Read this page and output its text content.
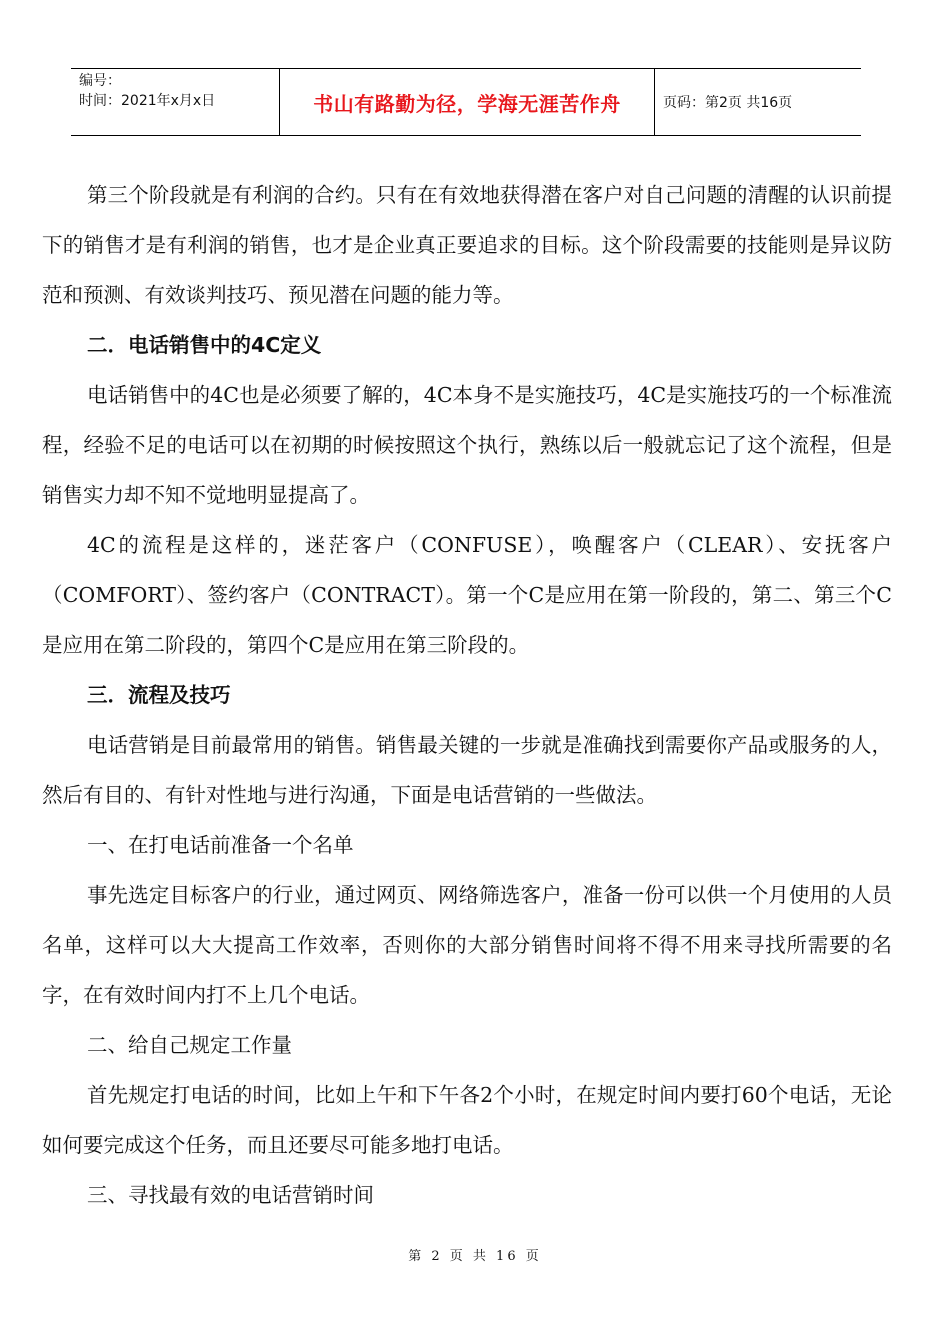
编号：
时间：2021年x月x日	书山有路勤为径，学海无涯苦作舟	页码：第2页 共16页

第三个阶段就是有利润的合约。只有在有效地获得潜在客户对自己问题的清醒的认识前提下的销售才是有利润的销售，也才是企业真正要追求的目标。这个阶段需要的技能则是异议防范和预测、有效谈判技巧、预见潜在问题的能力等。

二．电话销售中的4C定义

电话销售中的4C也是必须要了解的，4C本身不是实施技巧，4C是实施技巧的一个标准流程，经验不足的电话可以在初期的时候按照这个执行，熟练以后一般就忘记了这个流程，但是销售实力却不知不觉地明显提高了。

4C的流程是这样的，迷茫客户（CONFUSE），唤醒客户（CLEAR）、安抚客户（COMFORT）、签约客户（CONTRACT）。第一个C是应用在第一阶段的，第二、第三个C是应用在第二阶段的，第四个C是应用在第三阶段的。

三．流程及技巧

电话营销是目前最常用的销售。销售最关键的一步就是准确找到需要你产品或服务的人，然后有目的、有针对性地与进行沟通，下面是电话营销的一些做法。

一、在打电话前准备一个名单

事先选定目标客户的行业，通过网页、网络筛选客户，准备一份可以供一个月使用的人员名单，这样可以大大提高工作效率，否则你的大部分销售时间将不得不用来寻找所需要的名字，在有效时间内打不上几个电话。

二、给自己规定工作量

首先规定打电话的时间，比如上午和下午各2个小时，在规定时间内要打60个电话，无论如何要完成这个任务，而且还要尽可能多地打电话。

三、寻找最有效的电话营销时间

第 2 页 共 16 页
